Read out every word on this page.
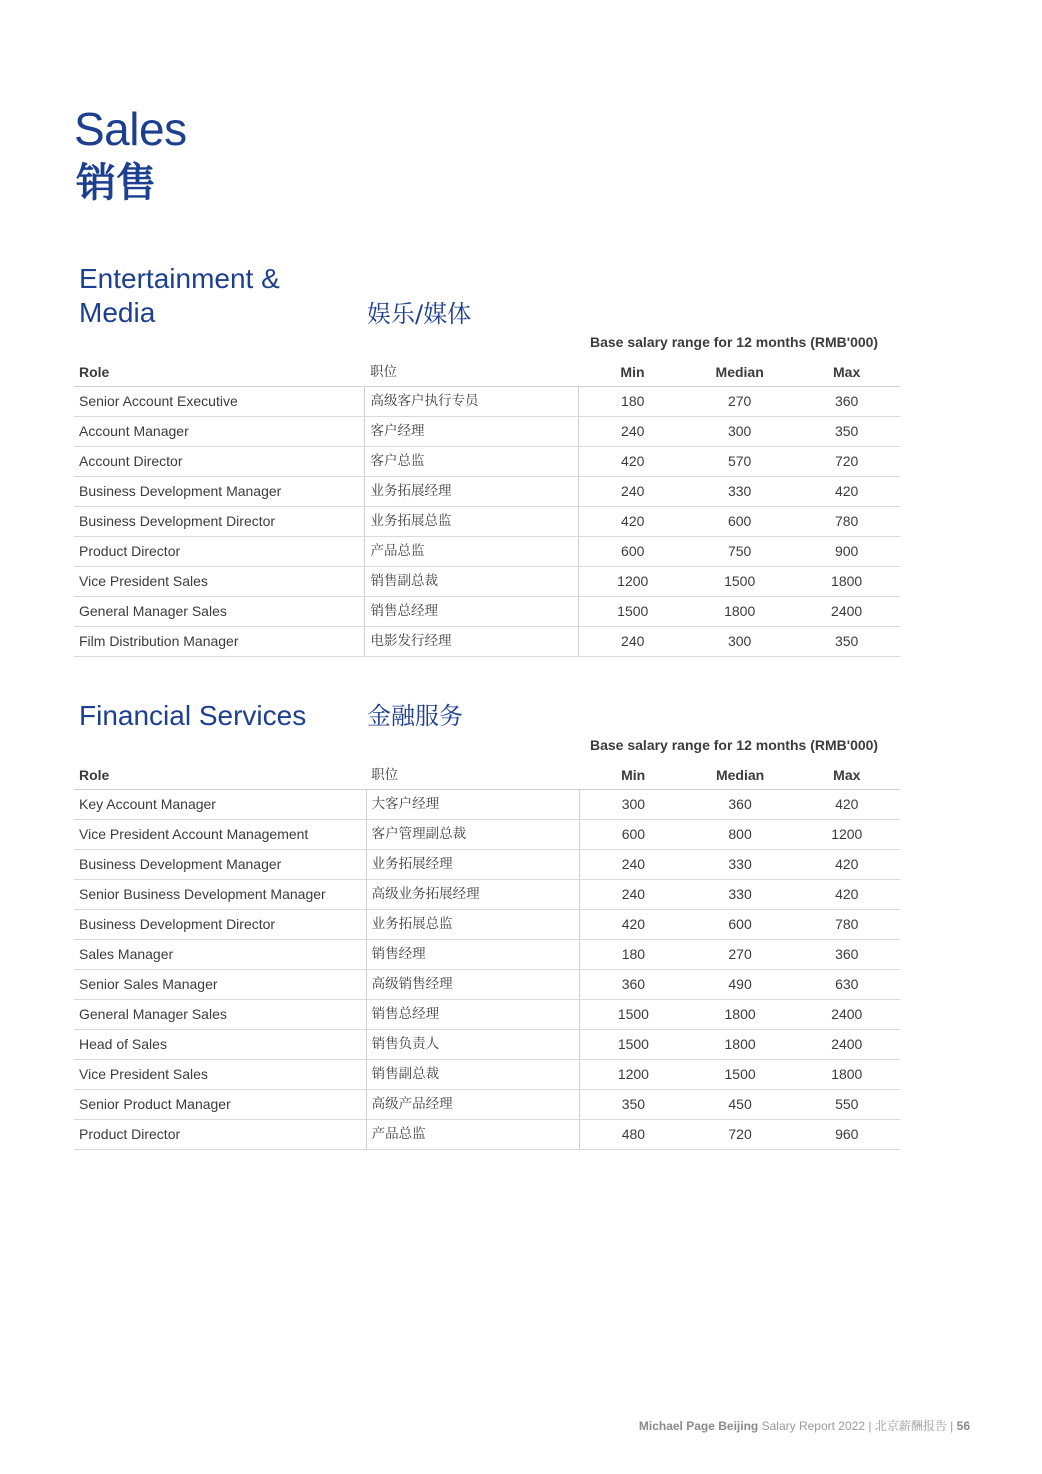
Sales
销售
Entertainment &
Media	娱乐/媒体
Base salary range for 12 months (RMB'000)
Role	职位	Min	Median	Max
Senior Account Executive	高级客户执行专员	180	270	360
Account Manager	客户经理	240	300	350
Account Director	客户总监	420	570	720
Business Development Manager	业务拓展经理	240	330	420
Business Development Director	业务拓展总监	420	600	780
Product Director	产品总监	600	750	900
Vice President Sales	销售副总裁	1200	1500	1800
General Manager Sales	销售总经理	1500	1800	2400
Film Distribution Manager	电影发行经理	240	300	350
Financial Services	金融服务
Base salary range for 12 months (RMB'000)
Role	职位	Min	Median	Max
Key Account Manager	大客户经理	300	360	420
Vice President Account Management	客户管理副总裁	600	800	1200
Business Development Manager	业务拓展经理	240	330	420
Senior Business Development Manager	高级业务拓展经理	240	330	420
Business Development Director	业务拓展总监	420	600	780
Sales Manager	销售经理	180	270	360
Senior Sales Manager	高级销售经理	360	490	630
General Manager Sales	销售总经理	1500	1800	2400
Head of Sales	销售负责人	1500	1800	2400
Vice President Sales	销售副总裁	1200	1500	1800
Senior Product Manager	高级产品经理	350	450	550
Product Director	产品总监	480	720	960
Michael Page Beijing Salary Report 2022 | 北京薪酬报告 | 56
